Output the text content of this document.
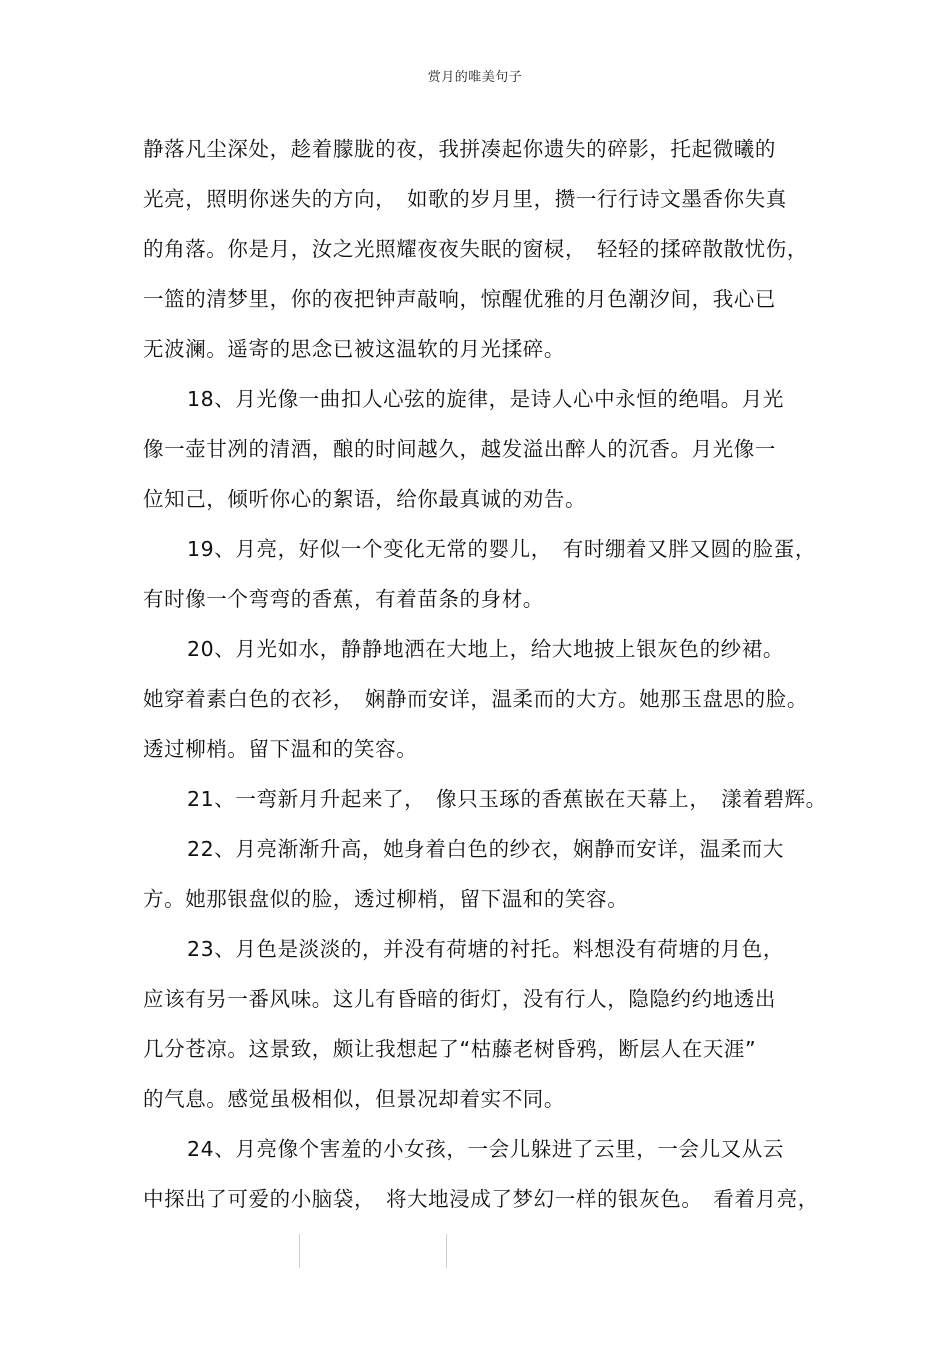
赏月的唯美句子
静落凡尘深处，趁着朦胧的夜，我拼凑起你遗失的碎影，托起微曦的
光亮，照明你迷失的方向，　如歌的岁月里，攒一行行诗文墨香你失真
的角落。你是月，汝之光照耀夜夜失眠的窗棂，　轻轻的揉碎散散忧伤，
一篮的清梦里，你的夜把钟声敲响，惊醒优雅的月色潮汐间，我心已
无波澜。遥寄的思念已被这温软的月光揉碎。
18、月光像一曲扣人心弦的旋律，是诗人心中永恒的绝唱。月光
像一壶甘冽的清酒，酿的时间越久，越发溢出醉人的沉香。月光像一
位知己，倾听你心的絮语，给你最真诚的劝告。
19、月亮，好似一个变化无常的婴儿，　有时绷着又胖又圆的脸蛋，
有时像一个弯弯的香蕉，有着苗条的身材。
20、月光如水，静静地洒在大地上，给大地披上银灰色的纱裙。
她穿着素白色的衣衫，　娴静而安详，温柔而的大方。她那玉盘思的脸。
透过柳梢。留下温和的笑容。
21、一弯新月升起来了，　像只玉琢的香蕉嵌在天幕上，　漾着碧辉。
22、月亮渐渐升高，她身着白色的纱衣，娴静而安详，温柔而大
方。她那银盘似的脸，透过柳梢，留下温和的笑容。
23、月色是淡淡的，并没有荷塘的衬托。料想没有荷塘的月色，
应该有另一番风味。这儿有昏暗的街灯，没有行人，隐隐约约地透出
几分苍凉。这景致，颇让我想起了“枯藤老树昏鸦，断层人在天涯”
的气息。感觉虽极相似，但景况却着实不同。
24、月亮像个害羞的小女孩，一会儿躲进了云里，一会儿又从云
中探出了可爱的小脑袋，　将大地浸成了梦幻一样的银灰色。　看着月亮，
